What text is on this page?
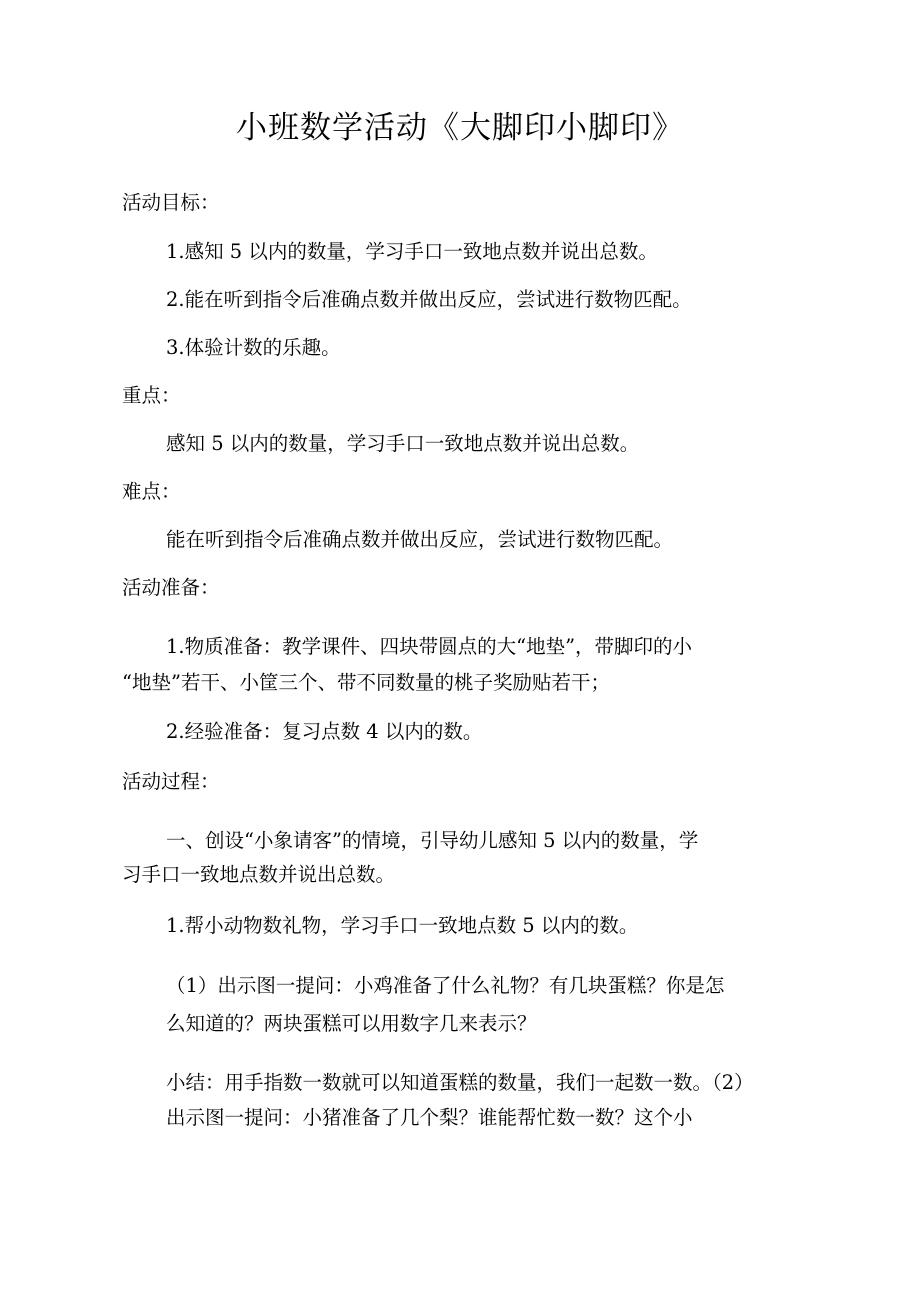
小班数学活动《大脚印小脚印》
活动目标：
1.感知 5 以内的数量，学习手口一致地点数并说出总数。
2.能在听到指令后准确点数并做出反应，尝试进行数物匹配。
3.体验计数的乐趣。
重点：
感知 5 以内的数量，学习手口一致地点数并说出总数。
难点：
能在听到指令后准确点数并做出反应，尝试进行数物匹配。
活动准备：
1.物质准备：教学课件、四块带圆点的大“地垫”，带脚印的小
“地垫”若干、小筐三个、带不同数量的桃子奖励贴若干；
2.经验准备：复习点数 4 以内的数。
活动过程：
一、创设“小象请客”的情境，引导幼儿感知 5 以内的数量，学
习手口一致地点数并说出总数。
1.帮小动物数礼物，学习手口一致地点数 5 以内的数。
（1）出示图一提问：小鸡准备了什么礼物？有几块蛋糕？你是怎
么知道的？两块蛋糕可以用数字几来表示？
小结：用手指数一数就可以知道蛋糕的数量，我们一起数一数。（2）
出示图一提问：小猪准备了几个梨？谁能帮忙数一数？这个小
